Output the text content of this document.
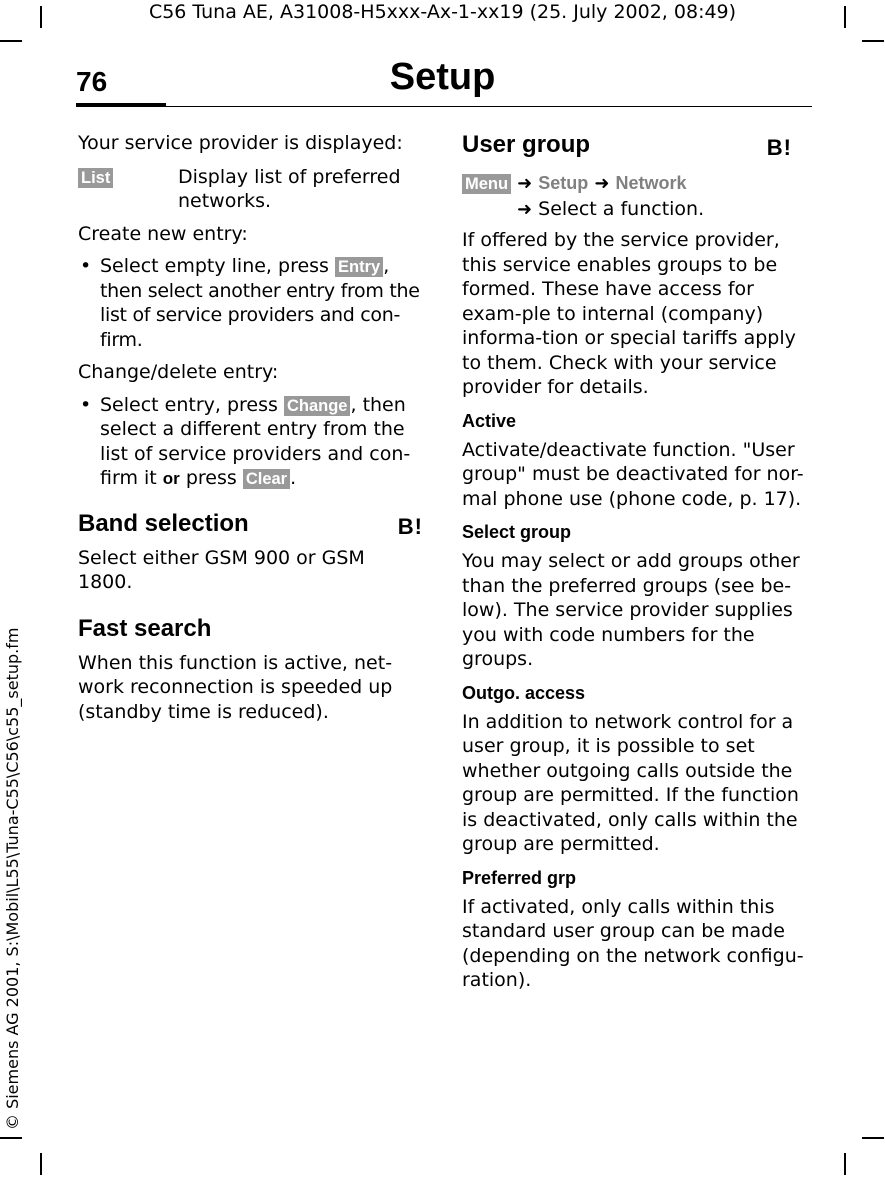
C56 Tuna AE, A31008-H5xxx-Ax-1-xx19 (25. July 2002, 08:49)
76	Setup
© Siemens AG 2001, S:\Mobil\L55\Tuna-C55\C56\c55_setup.fm

Your service provider is displayed:

List	Display list of preferred networks.

Create new entry:

• Select empty line, press Entry , then select another entry from the list of service providers and con-firm.

Change/delete entry:

• Select entry, press Change , then select a different entry from the list of service providers and con-firm it or press Clear .
Band selection	B!

Select either GSM 900 or GSM 1800.

Fast search

When this function is active, net-work reconnection is speeded up (standby time is reduced).

User group	B!
Menu ➜ Setup ➜ Network
➜ Select a function.

If offered by the service provider, this service enables groups to be formed. These have access for exam-ple to internal (company) informa-tion or special tariffs apply to them. Check with your service provider for details.

Active

Activate/deactivate function. "User group" must be deactivated for nor-mal phone use (phone code, p. 17).

Select group

You may select or add groups other than the preferred groups (see be-low). The service provider supplies you with code numbers for the groups.

Outgo. access

In addition to network control for a user group, it is possible to set whether outgoing calls outside the group are permitted. If the function is deactivated, only calls within the group are permitted.

Preferred grp

If activated, only calls within this standard user group can be made (depending on the network configu-ration).
